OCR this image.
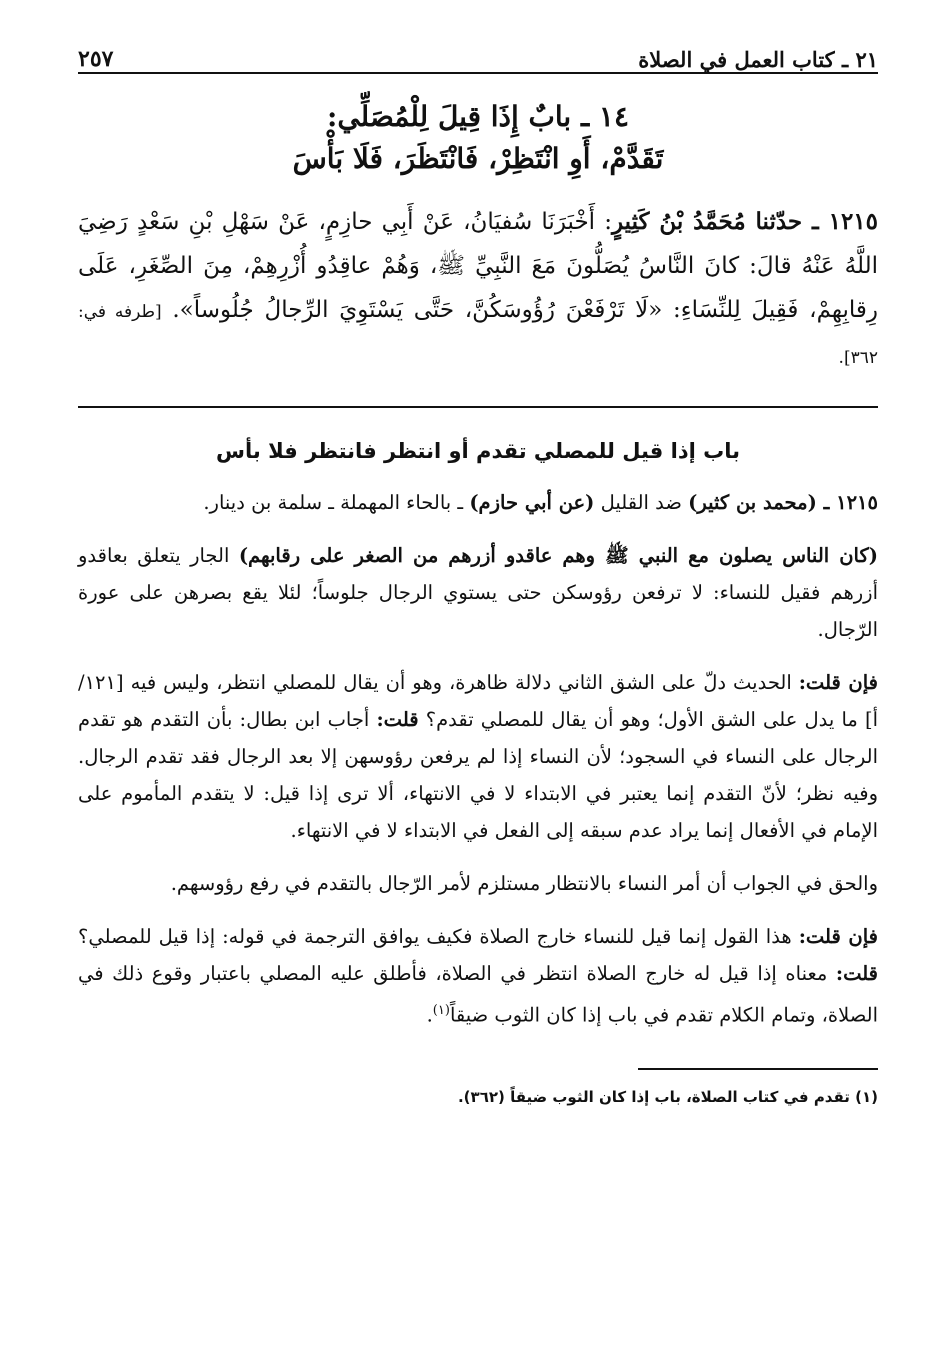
٢١ ـ كتاب العمل في الصلاة
٢٥٧
١٤ ـ بابٌ إِذَا قِيلَ لِلْمُصَلِّي:
تَقَدَّمْ، أَوِ انْتَظِرْ، فَانْتَظَرَ، فَلَا بَأْسَ
١٢١٥ ـ حدّثنا مُحَمَّدُ بْنُ كَثِيرٍ: أَخْبَرَنَا سُفيَانُ، عَنْ أَبِي حازِمٍ، عَنْ سَهْلِ بْنِ سَعْدٍ رَضِيَ اللَّهُ عَنْهُ قالَ: كانَ النَّاسُ يُصَلُّونَ مَعَ النَّبِيِّ ﷺ، وَهُمْ عاقِدُو أُزْرِهِمْ، مِنَ الصِّغَرِ، عَلَى رِقابِهِمْ، فَقِيلَ لِلنِّسَاءِ: «لَا تَرْفَعْنَ رُؤُوسَكُنَّ، حَتَّى يَسْتَوِيَ الرِّجالُ جُلُوساً». [طرفه في: ٣٦٢].
باب إذا قيل للمصلي تقدم أو انتظر فانتظر فلا بأس

١٢١٥ ـ (محمد بن كثير) ضد القليل (عن أبي حازم) ـ بالحاء المهملة ـ سلمة بن دينار.

(كان الناس يصلون مع النبي ﷺ وهم عاقدو أزرهم من الصغر على رقابهم) الجار يتعلق بعاقدو أزرهم فقيل للنساء: لا ترفعن رؤوسكن حتى يستوي الرجال جلوساً؛ لئلا يقع بصرهن على عورة الرّجال.

فإن قلت: الحديث دلّ على الشق الثاني دلالة ظاهرة، وهو أن يقال للمصلي انتظر، وليس فيه [١٢١/أ] ما يدل على الشق الأول؛ وهو أن يقال للمصلي تقدم؟ قلت: أجاب ابن بطال: بأن التقدم هو تقدم الرجال على النساء في السجود؛ لأن النساء إذا لم يرفعن رؤوسهن إلا بعد الرجال فقد تقدم الرجال. وفيه نظر؛ لأنّ التقدم إنما يعتبر في الابتداء لا في الانتهاء، ألا ترى إذا قيل: لا يتقدم المأموم على الإمام في الأفعال إنما يراد عدم سبقه إلى الفعل في الابتداء لا في الانتهاء.

والحق في الجواب أن أمر النساء بالانتظار مستلزم لأمر الرّجال بالتقدم في رفع رؤوسهم.

فإن قلت: هذا القول إنما قيل للنساء خارج الصلاة فكيف يوافق الترجمة في قوله: إذا قيل للمصلي؟ قلت: معناه إذا قيل له خارج الصلاة انتظر في الصلاة، فأطلق عليه المصلي باعتبار وقوع ذلك في الصلاة، وتمام الكلام تقدم في باب إذا كان الثوب ضيقاً$^{(١)}$.

(١) تقدم في كتاب الصلاة، باب إذا كان الثوب ضيقاً (٣٦٢).
